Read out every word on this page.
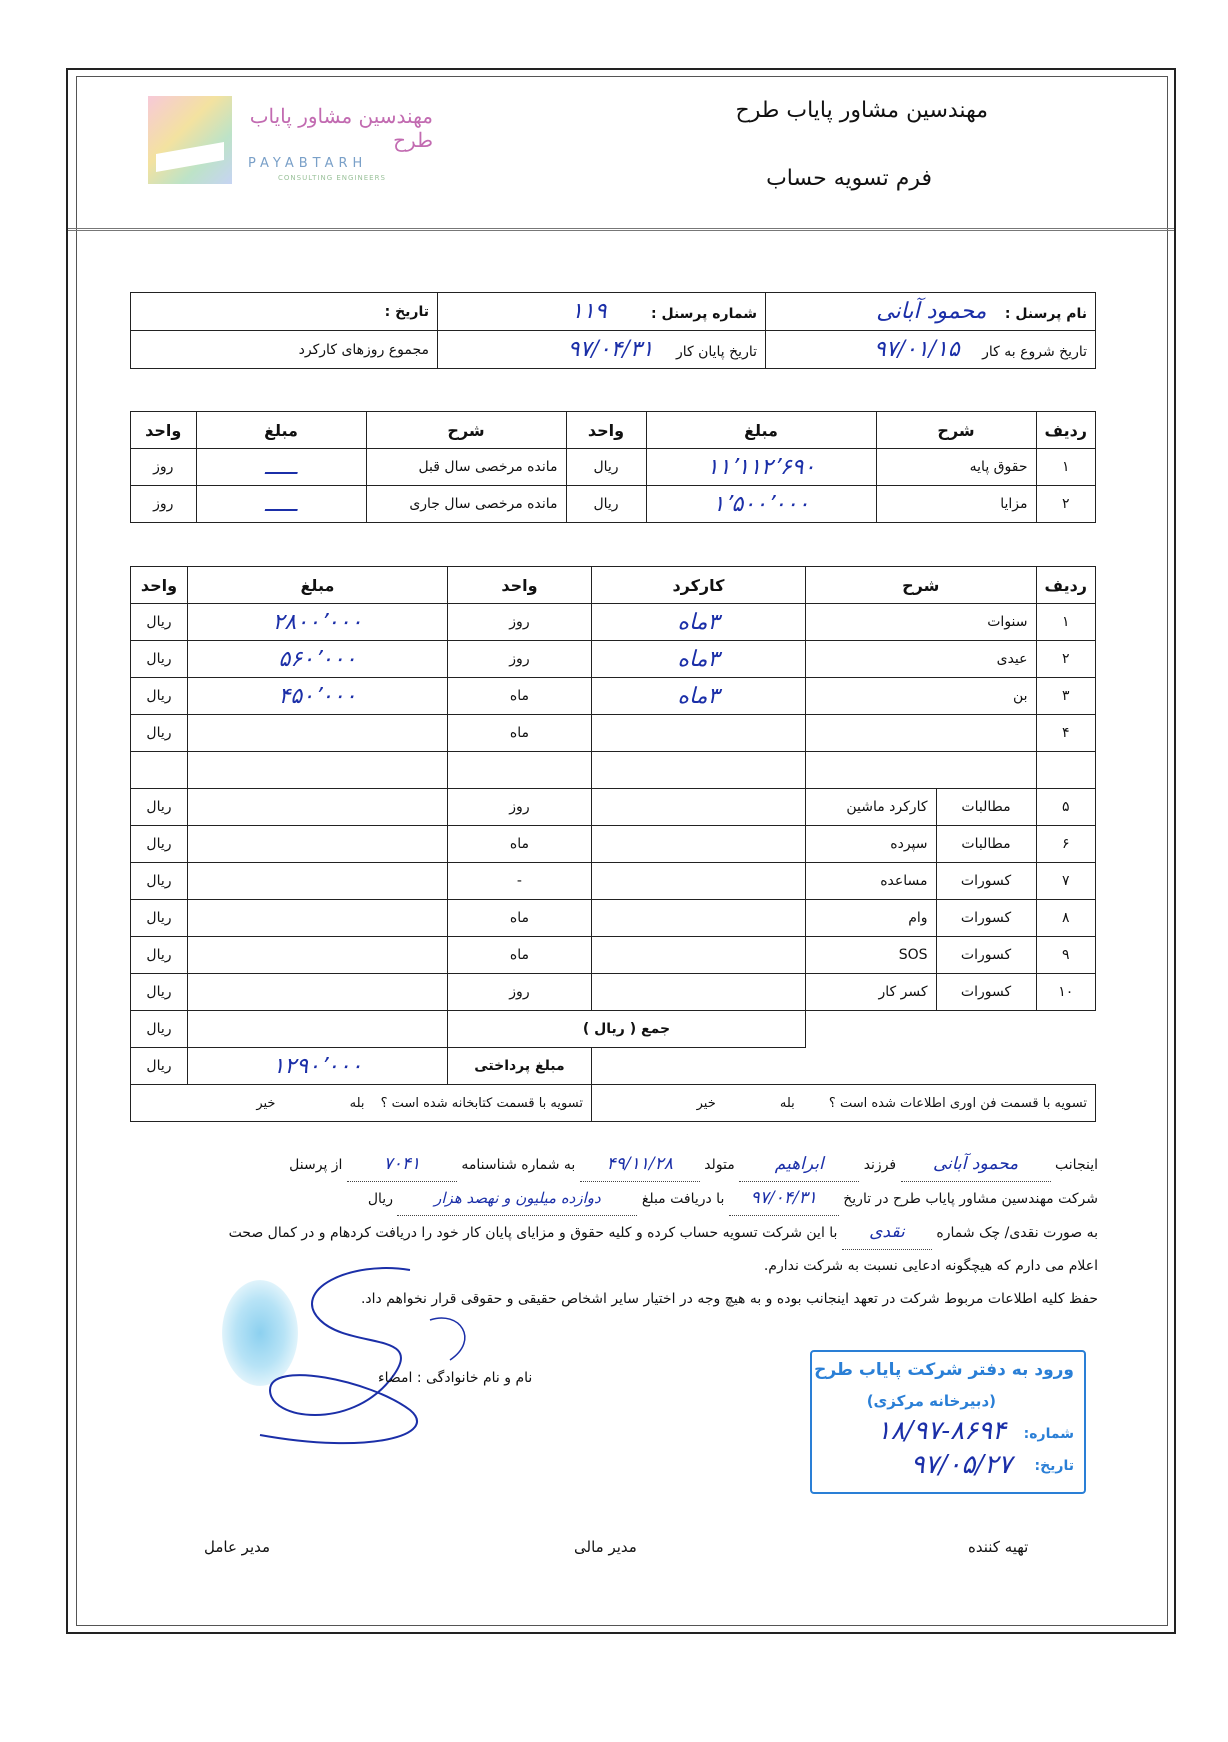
مهندسین مشاور پایاب طرح
PAYABTARH
CONSULTING ENGINEERS
مهندسین مشاور پایاب طرح
فرم تسویه حساب
نام پرسنل : محمود آبانی	شماره پرسنل : ۱۱۹	تاریخ :
تاریخ شروع به کار ۹۷/۰۱/۱۵	تاریخ پایان کار ۹۷/۰۴/۳۱	مجموع روزهای کارکرد
ردیف	شرح	مبلغ	واحد	شرح	مبلغ	واحد
۱	حقوق پایه	۱۱٬۱۱۲٬۶۹۰	ریال	مانده مرخصی سال قبل	ـــــ	روز
۲	مزایا	۱٬۵۰۰٬۰۰۰	ریال	مانده مرخصی سال جاری	ـــــ	روز
ردیف	شرح		کارکرد	واحد	مبلغ	واحد
۱	سنوات		۳ماه	روز	۲۸۰۰٬۰۰۰	ریال
۲	عیدی		۳ماه	روز	۵۶۰٬۰۰۰	ریال
۳	بن		۳ماه	ماه	۴۵۰٬۰۰۰	ریال
۴				ماه		ریال

۵	مطالبات	کارکرد ماشین		روز		ریال
۶	مطالبات	سپرده		ماه		ریال
۷	کسورات	مساعده		-		ریال
۸	کسورات	وام		ماه		ریال
۹	کسورات	SOS		ماه		ریال
۱۰	کسورات	کسر کار		روز		ریال
			جمع ( ریال )			ریال
				مبلغ پرداختی	۱۲۹۰٬۰۰۰	ریال
تسویه با قسمت فن اوری اطلاعات شده است ؟ بله خیر				تسویه با قسمت کتابخانه شده است ؟ بله خیر		
اینجانب محمود آبانی فرزند ابراهیم متولد ۴۹/۱۱/۲۸ به شماره شناسنامه ۷۰۴۱ از پرسنل
شرکت مهندسین مشاور پایاب طرح در تاریخ ۹۷/۰۴/۳۱ با دریافت مبلغ دوازده میلیون و نهصد هزار ریال
به صورت نقدی/ چک شماره نقدی با این شرکت تسویه حساب کرده و کلیه حقوق و مزایای پایان کار خود را دریافت کردهام و در کمال صحت
اعلام می دارم که هیچگونه ادعایی نسبت به شرکت ندارم.
حفظ کلیه اطلاعات مربوط شرکت در تعهد اینجانب بوده و به هیچ وجه در اختیار سایر اشخاص حقیقی و حقوقی قرار نخواهم داد.
نام و نام خانوادگی : امضاء	ورود به دفتر شرکت پایاب طرح
(دبیرخانه مرکزی)
شماره:
۱۸/۹۷-۸۶۹۴
تاریخ:
۹۷/۰۵/۲۷
تهیه کننده
مدیر مالی
مدیر عامل
